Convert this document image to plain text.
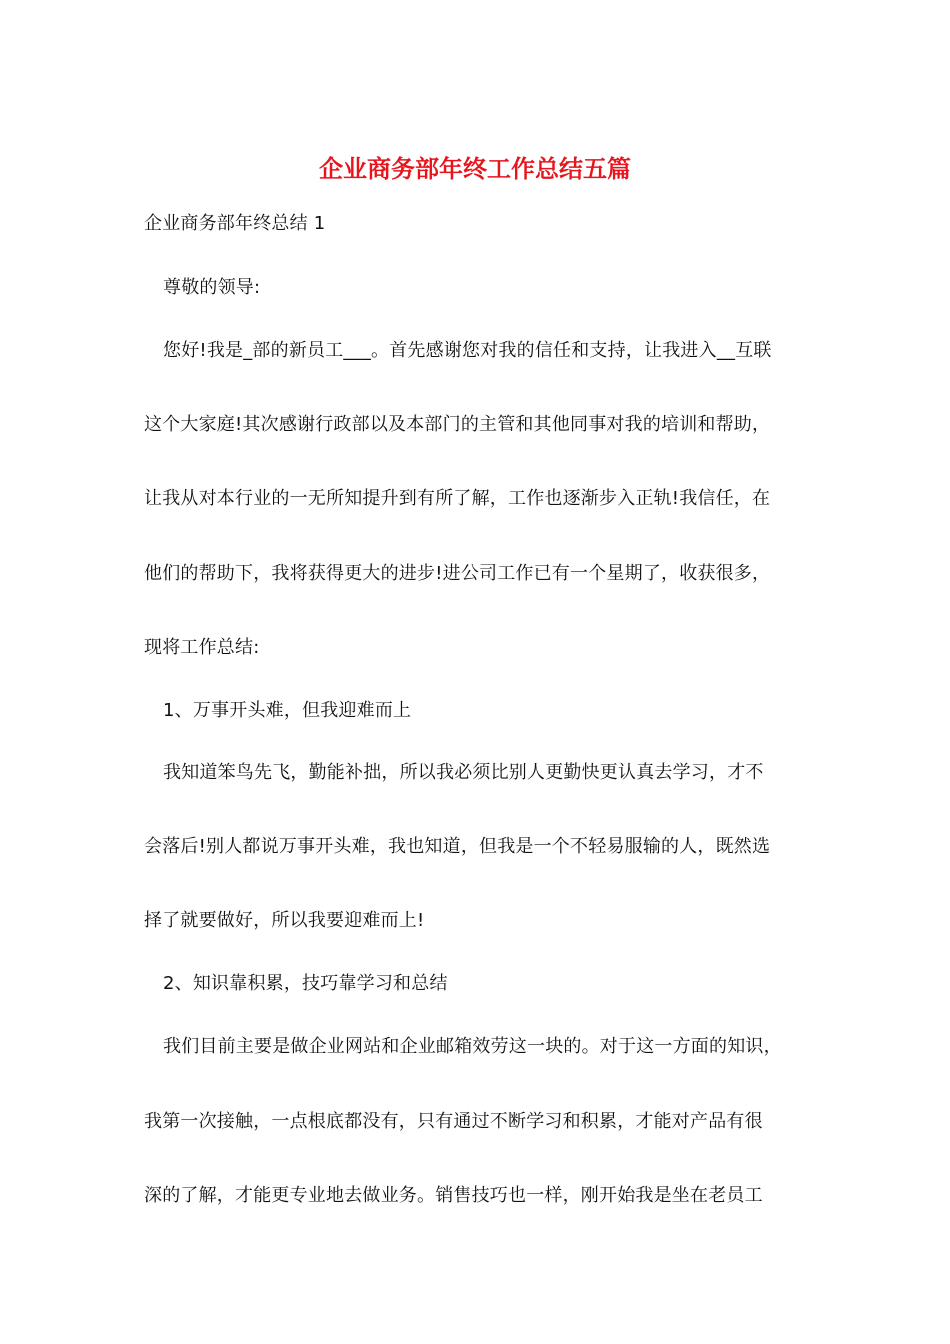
企业商务部年终工作总结五篇
企业商务部年终总结 1
尊敬的领导:
您好!我是_部的新员工___。首先感谢您对我的信任和支持，让我进入__互联
这个大家庭!其次感谢行政部以及本部门的主管和其他同事对我的培训和帮助，
让我从对本行业的一无所知提升到有所了解，工作也逐渐步入正轨!我信任，在
他们的帮助下，我将获得更大的进步!进公司工作已有一个星期了，收获很多，
现将工作总结:
1、万事开头难，但我迎难而上
我知道笨鸟先飞，勤能补拙，所以我必须比别人更勤快更认真去学习，才不
会落后!别人都说万事开头难，我也知道，但我是一个不轻易服输的人，既然选
择了就要做好，所以我要迎难而上!
2、知识靠积累，技巧靠学习和总结
我们目前主要是做企业网站和企业邮箱效劳这一块的。对于这一方面的知识，
我第一次接触，一点根底都没有，只有通过不断学习和积累，才能对产品有很
深的了解，才能更专业地去做业务。销售技巧也一样，刚开始我是坐在老员工
